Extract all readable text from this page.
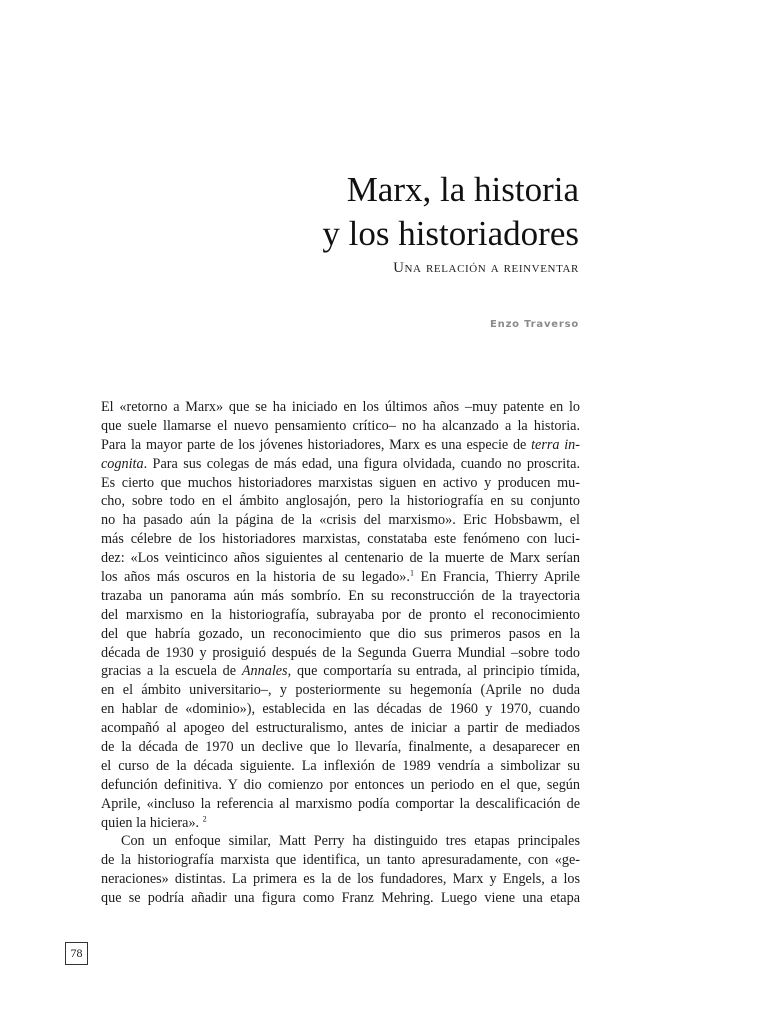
Marx, la historia
y los historiadores
Una relación a reinventar
Enzo Traverso
El «retorno a Marx» que se ha iniciado en los últimos años –muy patente en lo
que suele llamarse el nuevo pensamiento crítico– no ha alcanzado a la historia.
Para la mayor parte de los jóvenes historiadores, Marx es una especie de terra in-
cognita. Para sus colegas de más edad, una figura olvidada, cuando no proscrita.
Es cierto que muchos historiadores marxistas siguen en activo y producen mu-
cho, sobre todo en el ámbito anglosajón, pero la historiografía en su conjunto
no ha pasado aún la página de la «crisis del marxismo». Eric Hobsbawm, el
más célebre de los historiadores marxistas, constataba este fenómeno con luci-
dez: «Los veinticinco años siguientes al centenario de la muerte de Marx serían
los años más oscuros en la historia de su legado».$^1$ En Francia, Thierry Aprile
trazaba un panorama aún más sombrío. En su reconstrucción de la trayectoria
del marxismo en la historiografía, subrayaba por de pronto el reconocimiento
del que habría gozado, un reconocimiento que dio sus primeros pasos en la
década de 1930 y prosiguió después de la Segunda Guerra Mundial –sobre todo
gracias a la escuela de Annales, que comportaría su entrada, al principio tímida,
en el ámbito universitario–, y posteriormente su hegemonía (Aprile no duda
en hablar de «dominio»), establecida en las décadas de 1960 y 1970, cuando
acompañó al apogeo del estructuralismo, antes de iniciar a partir de mediados
de la década de 1970 un declive que lo llevaría, finalmente, a desaparecer en
el curso de la década siguiente. La inflexión de 1989 vendría a simbolizar su
defunción definitiva. Y dio comienzo por entonces un periodo en el que, según
Aprile, «incluso la referencia al marxismo podía comportar la descalificación de
quien la hiciera». $^2$
Con un enfoque similar, Matt Perry ha distinguido tres etapas principales
de la historiografía marxista que identifica, un tanto apresuradamente, con «ge-
neraciones» distintas. La primera es la de los fundadores, Marx y Engels, a los
que se podría añadir una figura como Franz Mehring. Luego viene una etapa
78
